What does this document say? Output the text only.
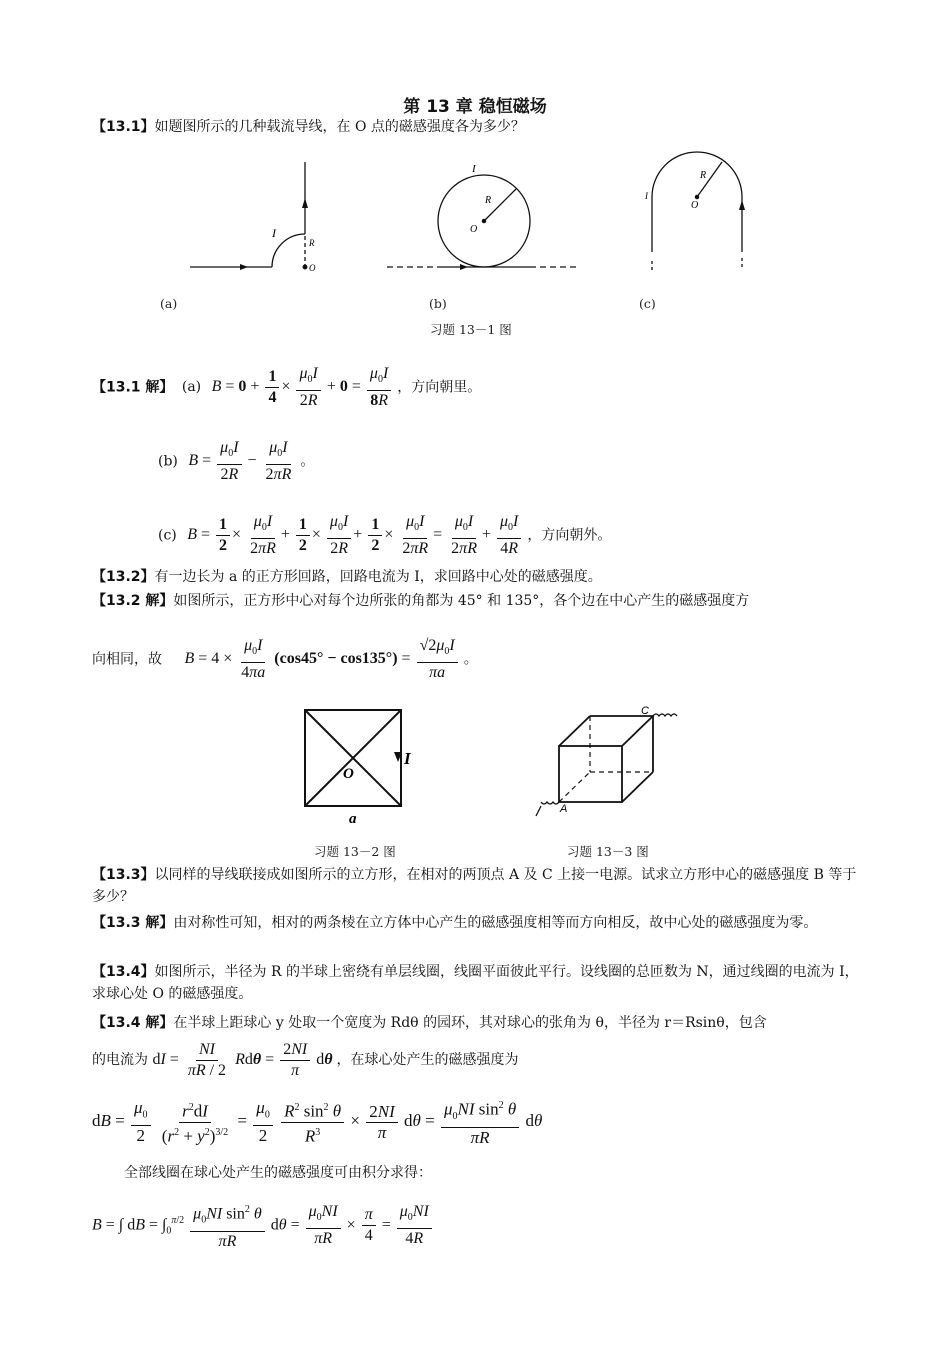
第 13 章 稳恒磁场
【13.1】如题图所示的几种载流导线，在 O 点的磁感强度各为多少？
I
R
O
I
R
O
I
R
O
(a)	(b)	(c)
习题 13－1 图
【13.1 解】 (a) $B = 0 + \frac{1}{4} \times \frac{\mu_0I}{2R} + 0 = \frac{\mu_0I}{8R}$ ，方向朝里。
(b) $B = \frac{\mu_0I}{2R} - \frac{\mu_0I}{2\pi R}$ 。
(c) $B = \frac{1}{2} \times \frac{\mu_0I}{2\pi R} + \frac{1}{2} \times \frac{\mu_0I}{2R} + \frac{1}{2} \times \frac{\mu_0I}{2\pi R} = \frac{\mu_0I}{2\pi R} + \frac{\mu_0I}{4R}$ ，方向朝外。
【13.2】有一边长为 a 的正方形回路，回路电流为 I，求回路中心处的磁感强度。
【13.2 解】如图所示，正方形中心对每个边所张的角都为 45° 和 135°，各个边在中心产生的磁感强度方
向相同，故 $B = 4 \times \frac{\mu_0I}{4\pi a} (\cos 45^\circ - \cos 135^\circ) = \frac{√2\mu_0I}{\pi a}$ 。
O
I
a
C
A
习题 13－2 图	习题 13－3 图
【13.3】以同样的导线联接成如图所示的立方形，在相对的两顶点 A 及 C 上接一电源。试求立方形中心的磁感强度 B 等于多少？
【13.3 解】由对称性可知，相对的两条棱在立方体中心产生的磁感强度相等而方向相反，故中心处的磁感强度为零。
【13.4】如图所示，半径为 R 的半球上密绕有单层线圈，线圈平面彼此平行。设线圈的总匝数为 N，通过线圈的电流为 I，求球心处 O 的磁感强度。
【13.4 解】在半球上距球心 y 处取一个宽度为 Rdθ 的园环，其对球心的张角为 θ，半径为 r＝Rsinθ，包含
的电流为 dI = $\frac{NI}{\pi R / 2}$ $Rd\theta = \frac{2NI}{\pi}$ dθ ，在球心处产生的磁感强度为
dB = $\frac{\mu_0}{2}$
$\frac{r^2dI}{(r^2 + y^2)^{3/2}} = \frac{\mu_0}{2}$
$\frac{R^2 \sin^2 \theta}{R^3} \times \frac{2NI}{\pi}$ $d\theta = \frac{\mu_0NI \sin^2 \theta}{\pi R}$ dθ
全部线圈在球心处产生的磁感强度可由积分求得：
B = ∫ dB = $\int_0^{\pi/2} \frac{\mu_0NI \sin^2 \theta}{\pi R}$ $d\theta = \frac{\mu_0NI}{\pi R} \times \frac{\pi}{4} = \frac{\mu_0NI}{4R}$
